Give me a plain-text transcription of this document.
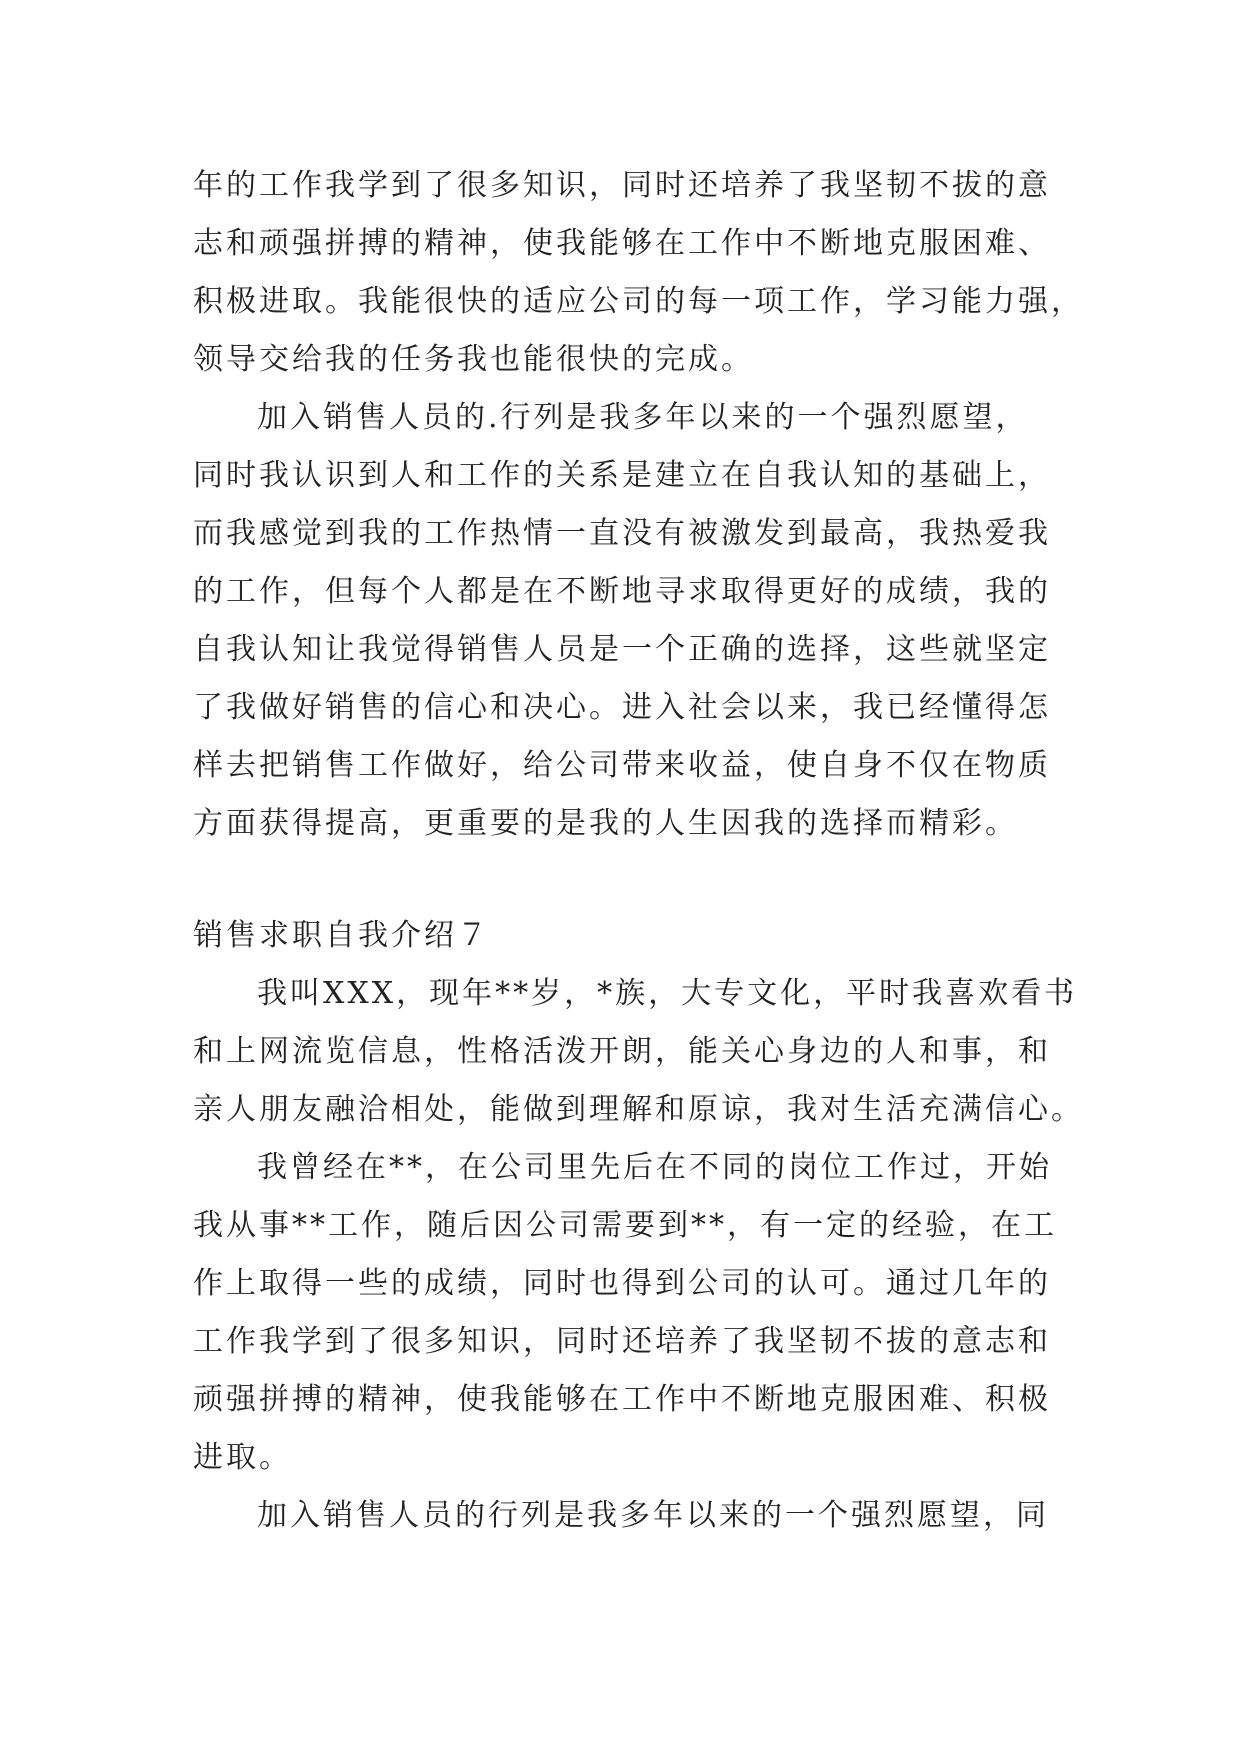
年的工作我学到了很多知识，同时还培养了我坚韧不拔的意
志和顽强拼搏的精神，使我能够在工作中不断地克服困难、
积极进取。我能很快的适应公司的每一项工作，学习能力强，
领导交给我的任务我也能很快的完成。
加入销售人员的.行列是我多年以来的一个强烈愿望，
同时我认识到人和工作的关系是建立在自我认知的基础上，
而我感觉到我的工作热情一直没有被激发到最高，我热爱我
的工作，但每个人都是在不断地寻求取得更好的成绩，我的
自我认知让我觉得销售人员是一个正确的选择，这些就坚定
了我做好销售的信心和决心。进入社会以来，我已经懂得怎
样去把销售工作做好，给公司带来收益，使自身不仅在物质
方面获得提高，更重要的是我的人生因我的选择而精彩。
销售求职自我介绍７
我叫XXX，现年**岁，*族，大专文化，平时我喜欢看书
和上网流览信息，性格活泼开朗，能关心身边的人和事，和
亲人朋友融洽相处，能做到理解和原谅，我对生活充满信心。
我曾经在**，在公司里先后在不同的岗位工作过，开始
我从事**工作，随后因公司需要到**，有一定的经验，在工
作上取得一些的成绩，同时也得到公司的认可。通过几年的
工作我学到了很多知识，同时还培养了我坚韧不拔的意志和
顽强拼搏的精神，使我能够在工作中不断地克服困难、积极
进取。
加入销售人员的行列是我多年以来的一个强烈愿望，同
